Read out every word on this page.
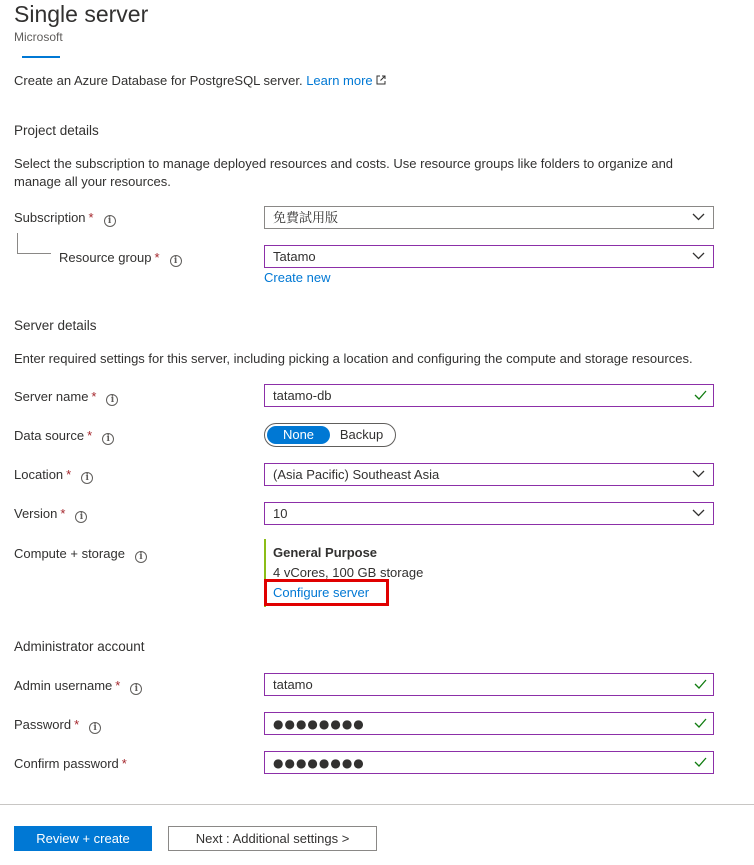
Single server
Microsoft
Create an Azure Database for PostgreSQL server. Learn more
Project details
Select the subscription to manage deployed resources and costs. Use resource groups like folders to organize and manage all your resources.
Subscription * i	免費試用版
Resource group * i	Tatamo
Create new
Server details
Enter required settings for this server, including picking a location and configuring the compute and storage resources.
Server name * i	tatamo-db
Data source * i	None	Backup
Location * i	(Asia Pacific) Southeast Asia
Version * i	10
Compute + storage i	General Purpose
4 vCores, 100 GB storage
Configure server
Administrator account
Admin username * i	tatamo
Password * i	●●●●●●●●
Confirm password *	●●●●●●●●
Review + create	Next : Additional settings >
